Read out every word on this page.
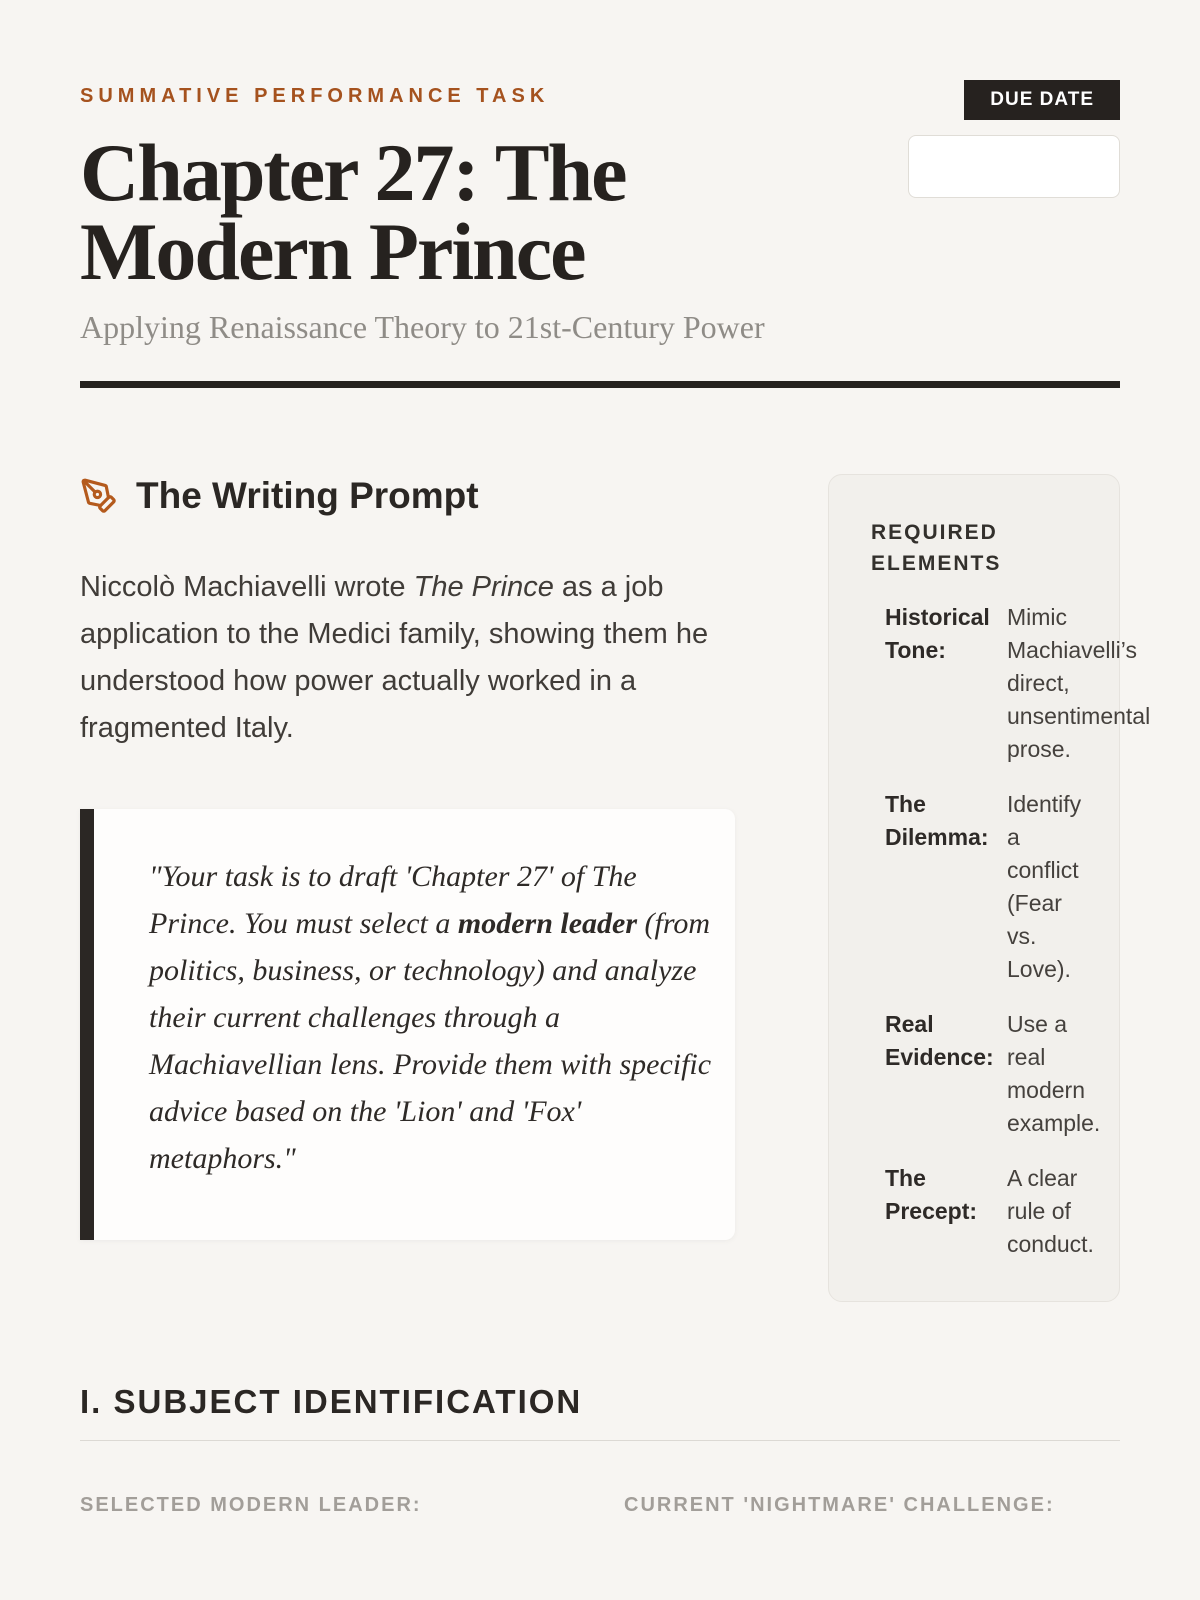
SUMMATIVE PERFORMANCE TASK
Chapter 27: The Modern Prince
Applying Renaissance Theory to 21st-Century Power
DUE DATE
The Writing Prompt

Niccolò Machiavelli wrote The Prince as a job application to the Medici family, showing them he understood how power actually worked in a fragmented Italy.

"Your task is to draft 'Chapter 27' of The Prince. You must select a modern leader (from politics, business, or technology) and analyze their current challenges through a Machiavellian lens. Provide them with specific advice based on the 'Lion' and 'Fox' metaphors."
REQUIRED ELEMENTS
Historical Tone:
Mimic Machiavelli’s direct, unsentimental prose.
The Dilemma:
Identify a conflict (Fear vs. Love).
Real Evidence:
Use a real modern example.
The Precept:
A clear rule of conduct.
I. SUBJECT IDENTIFICATION
SELECTED MODERN LEADER:	CURRENT 'NIGHTMARE' CHALLENGE:
